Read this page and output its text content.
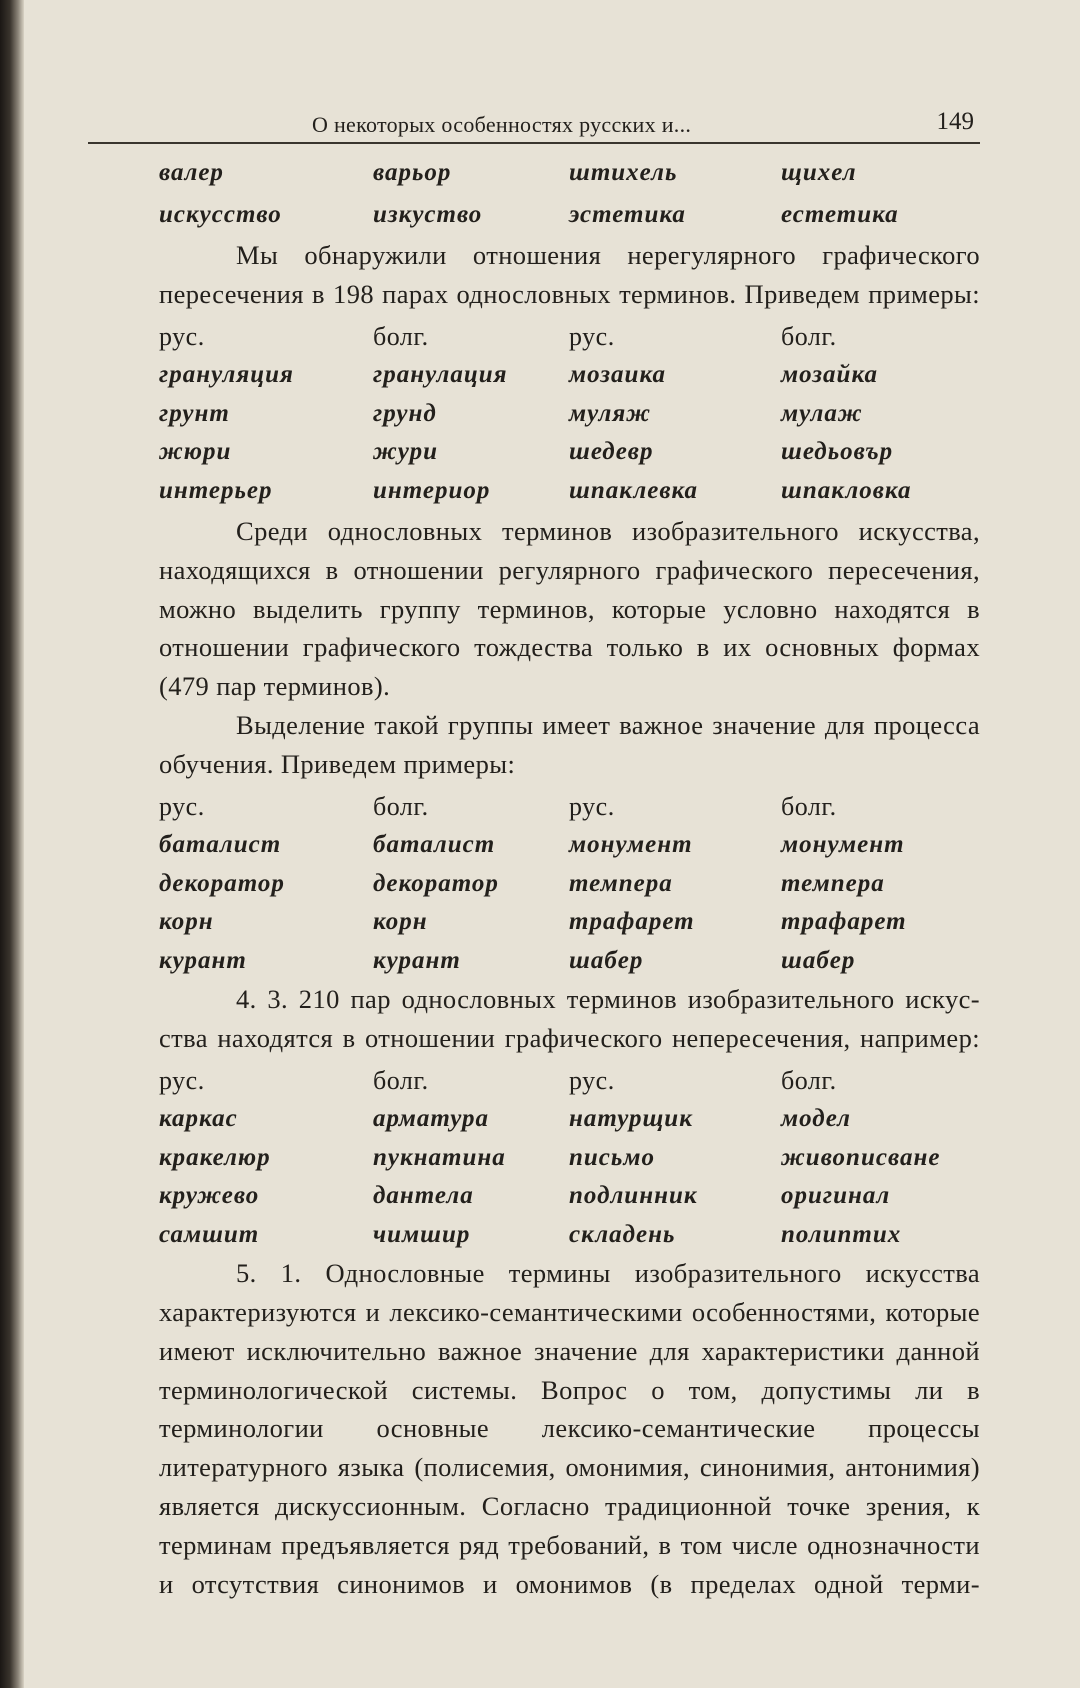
О некоторых особенностях русских и...	149
валер	варьор	штихель	щихел
искусство	изкуство	эстетика	естетика
Мы обнаружили отношения нерегулярного графического
пересечения в 198 парах однословных терминов. Приведем примеры:
рус.	болг.	рус.	болг.
грануляция	гранулация	мозаика	мозайка
грунт	грунд	муляж	мулаж
жюри	жури	шедевр	шедьовър
интерьер	интериор	шпаклевка	шпакловка
Среди однословных терминов изобразительного искусства,
находящихся в отношении регулярного графического пересечения,
можно выделить группу терминов, которые условно находятся в
отношении графического тождества только в их основных формах
(479 пар терминов).
Выделение такой группы имеет важное значение для процесса
обучения. Приведем примеры:
рус.	болг.	рус.	болг.
баталист	баталист	монумент	монумент
декоратор	декоратор	темпера	темпера
корн	корн	трафарет	трафарет
курант	курант	шабер	шабер
4. 3. 210 пар однословных терминов изобразительного искус-
ства находятся в отношении графического непересечения, например:
рус.	болг.	рус.	болг.
каркас	арматура	натурщик	модел
кракелюр	пукнатина	письмо	живописване
кружево	дантела	подлинник	оригинал
самшит	чимшир	складень	полиптих
5. 1. Однословные термины изобразительного искусства
характеризуются и лексико-семантическими особенностями, которые
имеют исключительно важное значение для характеристики данной
терминологической системы. Вопрос о том, допустимы ли в
терминологии основные лексико-семантические процессы
литературного языка (полисемия, омонимия, синонимия, антонимия)
является дискуссионным. Согласно традиционной точке зрения, к
терминам предъявляется ряд требований, в том числе однозначности
и отсутствия синонимов и омонимов (в пределах одной терми-
